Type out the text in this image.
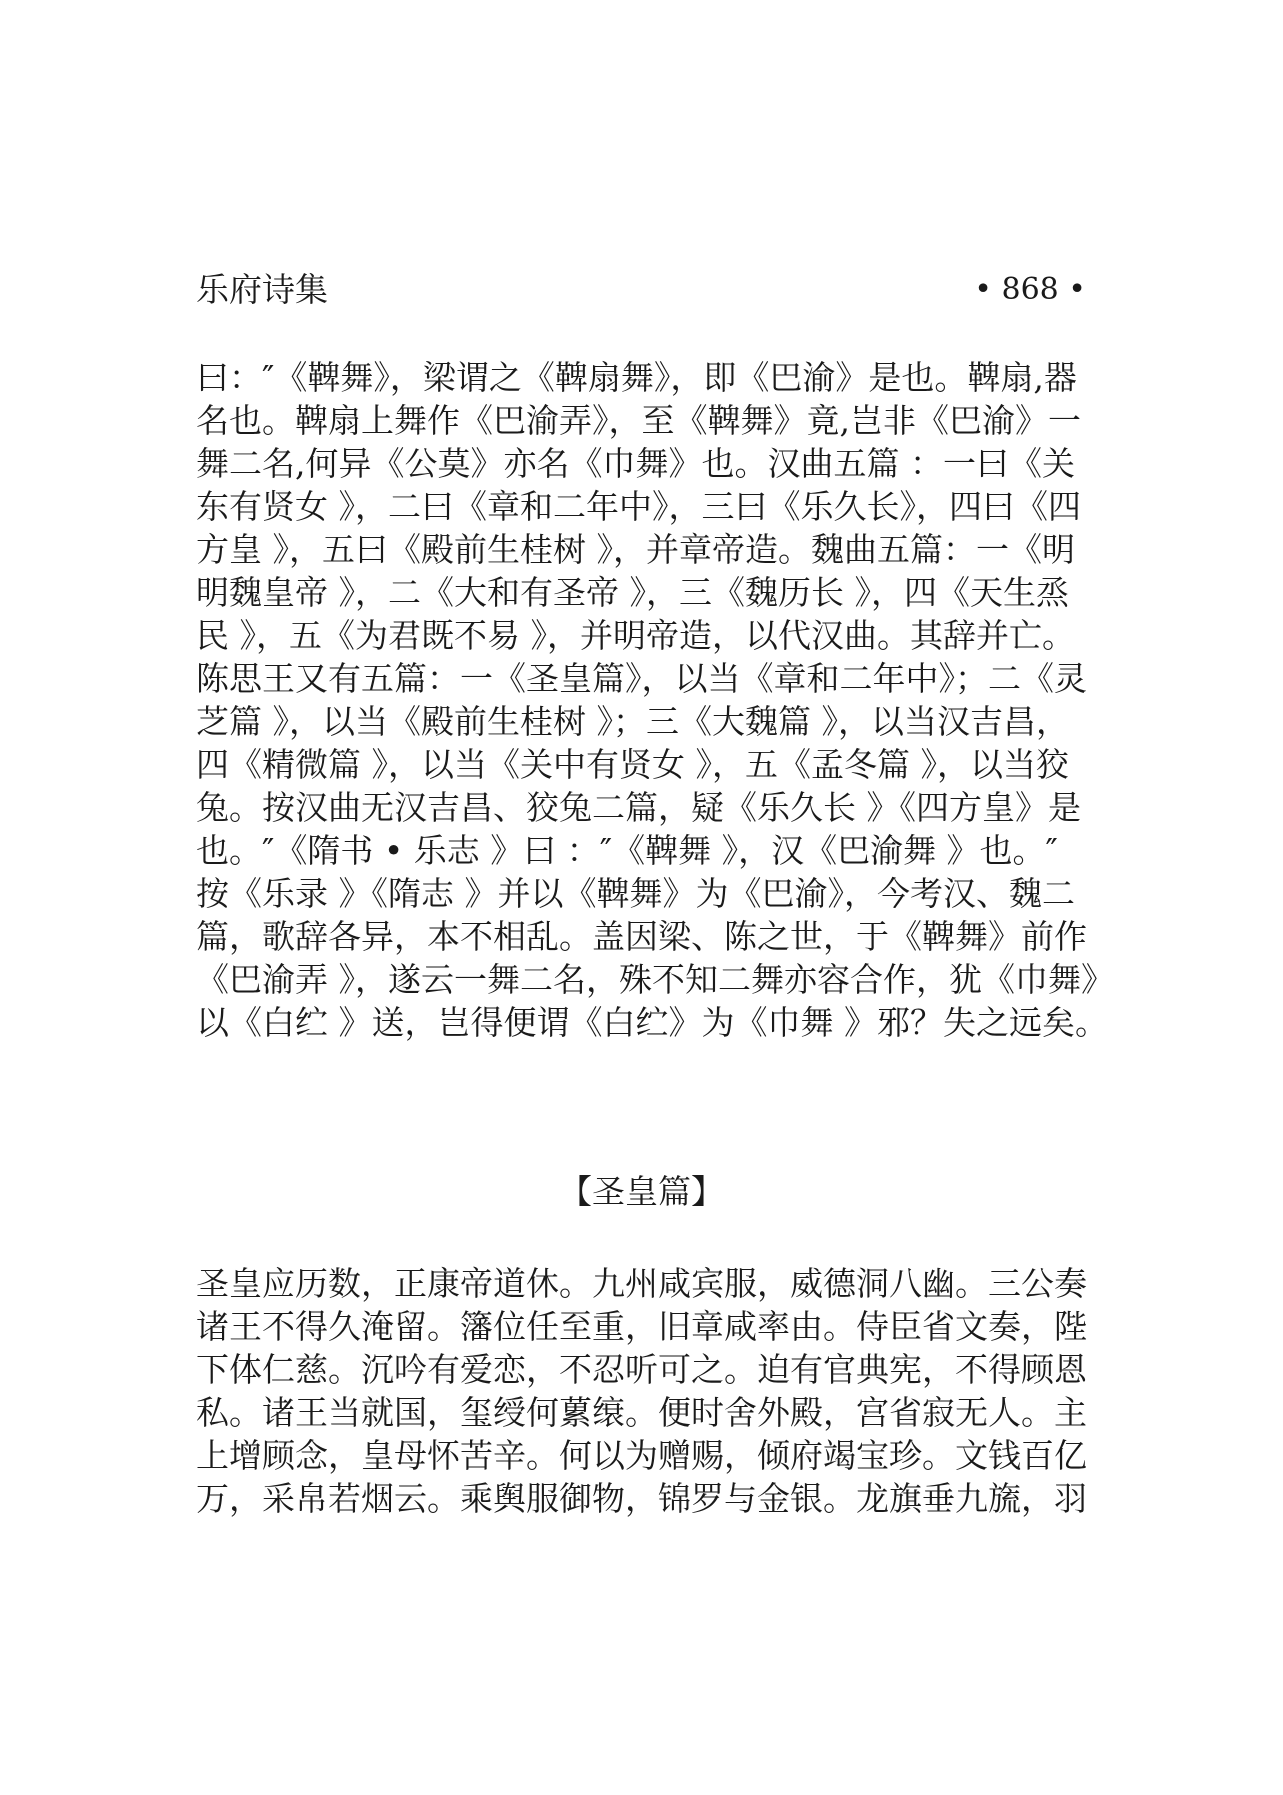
乐府诗集	• 868 •
曰：″《鞞舞》，梁谓之《鞞扇舞》，即《巴渝》是也。鞞扇,器
名也。鞞扇上舞作《巴渝弄》，至《鞞舞》竟,岂非《巴渝》一
舞二名,何异《公莫》亦名《巾舞》也。汉曲五篇 ：一曰《关
东有贤女 》，二曰《章和二年中》，三曰《乐久长》，四曰《四
方皇 》，五曰《殿前生桂树 》，并章帝造。魏曲五篇：一《明
明魏皇帝 》，二《大和有圣帝 》，三《魏历长 》，四《天生烝
民 》，五《为君既不易 》，并明帝造，以代汉曲。其辞并亡。
陈思王又有五篇：一《圣皇篇》，以当《章和二年中》；二《灵
芝篇 》，以当《殿前生桂树 》；三《大魏篇 》，以当汉吉昌，
四《精微篇 》，以当《关中有贤女 》，五《孟冬篇 》，以当狡
兔。按汉曲无汉吉昌、狡兔二篇，疑《乐久长 》《四方皇》是
也。″《隋书 • 乐志 》曰 ：″《鞞舞 》，汉《巴渝舞 》也。″
按《乐录 》《隋志 》并以《鞞舞》为《巴渝》，今考汉、魏二
篇，歌辞各异，本不相乱。盖因梁、陈之世，于《鞞舞》前作
《巴渝弄 》，遂云一舞二名，殊不知二舞亦容合作，犹《巾舞》
以《白纻 》送，岂得便谓《白纻》为《巾舞 》邪？失之远矣。
【圣皇篇】
圣皇应历数，正康帝道休。九州咸宾服，威德洞八幽。三公奏
诸王不得久淹留。籓位任至重，旧章咸率由。侍臣省文奏，陛
下体仁慈。沉吟有爱恋，不忍听可之。迫有官典宪，不得顾恩
私。诸王当就国，玺绶何蔂缞。便时舍外殿，宫省寂无人。主
上增顾念，皇母怀苦辛。何以为赠赐，倾府竭宝珍。文钱百亿
万，采帛若烟云。乘舆服御物，锦罗与金银。龙旗垂九旒，羽
